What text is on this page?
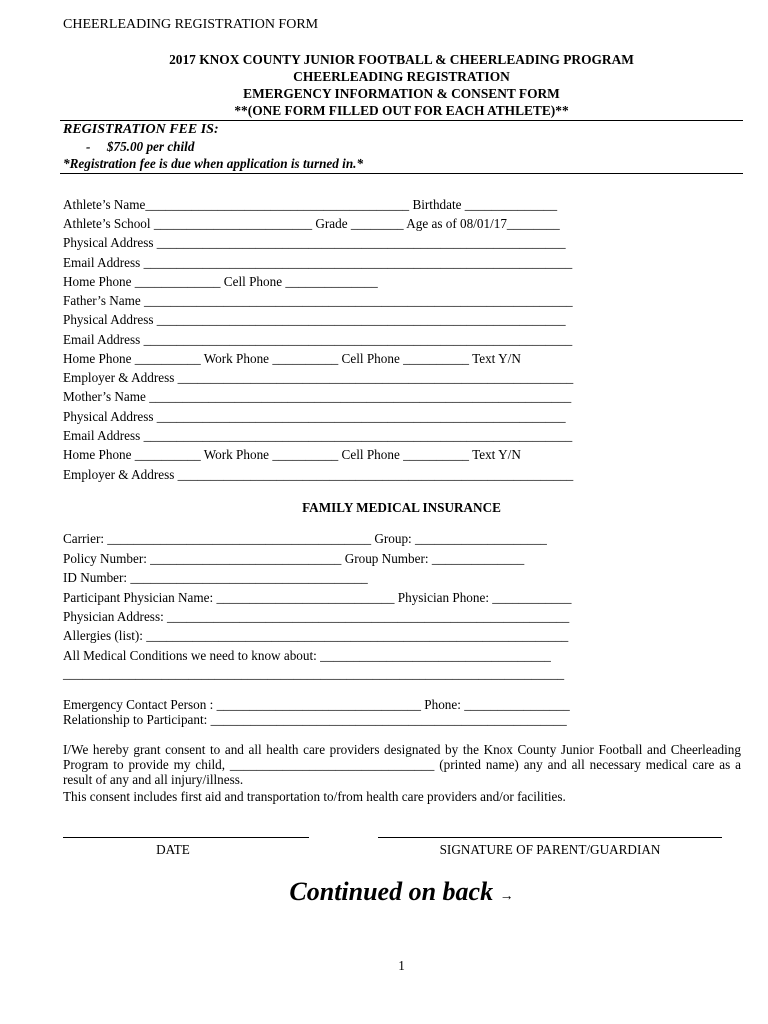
CHEERLEADING REGISTRATION FORM
2017 KNOX COUNTY JUNIOR FOOTBALL & CHEERLEADING PROGRAM
CHEERLEADING REGISTRATION
EMERGENCY INFORMATION & CONSENT FORM
**(ONE FORM FILLED OUT FOR EACH ATHLETE)**
REGISTRATION FEE IS:
-     $75.00 per child
*Registration fee is due when application is turned in.*
Athlete’s Name________________________________________ Birthdate ______________
Athlete’s School ________________________ Grade ________ Age as of 08/01/17________
Physical Address ______________________________________________________________
Email Address _________________________________________________________________
Home Phone _____________ Cell Phone ______________
Father’s Name _________________________________________________________________
Physical Address ______________________________________________________________
Email Address _________________________________________________________________
Home Phone __________ Work Phone __________ Cell Phone __________ Text Y/N
Employer & Address ____________________________________________________________
Mother’s Name ________________________________________________________________
Physical Address ______________________________________________________________
Email Address _________________________________________________________________
Home Phone __________ Work Phone __________ Cell Phone __________ Text Y/N
Employer & Address ____________________________________________________________
FAMILY MEDICAL INSURANCE
Carrier: ________________________________________ Group: ____________________
Policy Number: _____________________________ Group Number: ______________
ID Number: ____________________________________
Participant Physician Name: ___________________________ Physician Phone: ____________
Physician Address: _____________________________________________________________
Allergies (list): ________________________________________________________________
All Medical Conditions we need to know about: ___________________________________
____________________________________________________________________________
Emergency Contact Person : _______________________________ Phone: ________________
Relationship to Participant: ______________________________________________________
I/We hereby grant consent to and all health care providers designated by the Knox County Junior Football and Cheerleading Program to provide my child, _______________________________ (printed name) any and all necessary medical care as a result of any and all injury/illness.
This consent includes first aid and transportation to/from health care providers and/or facilities.
DATE	SIGNATURE OF PARENT/GUARDIAN
Continued on back →
1
